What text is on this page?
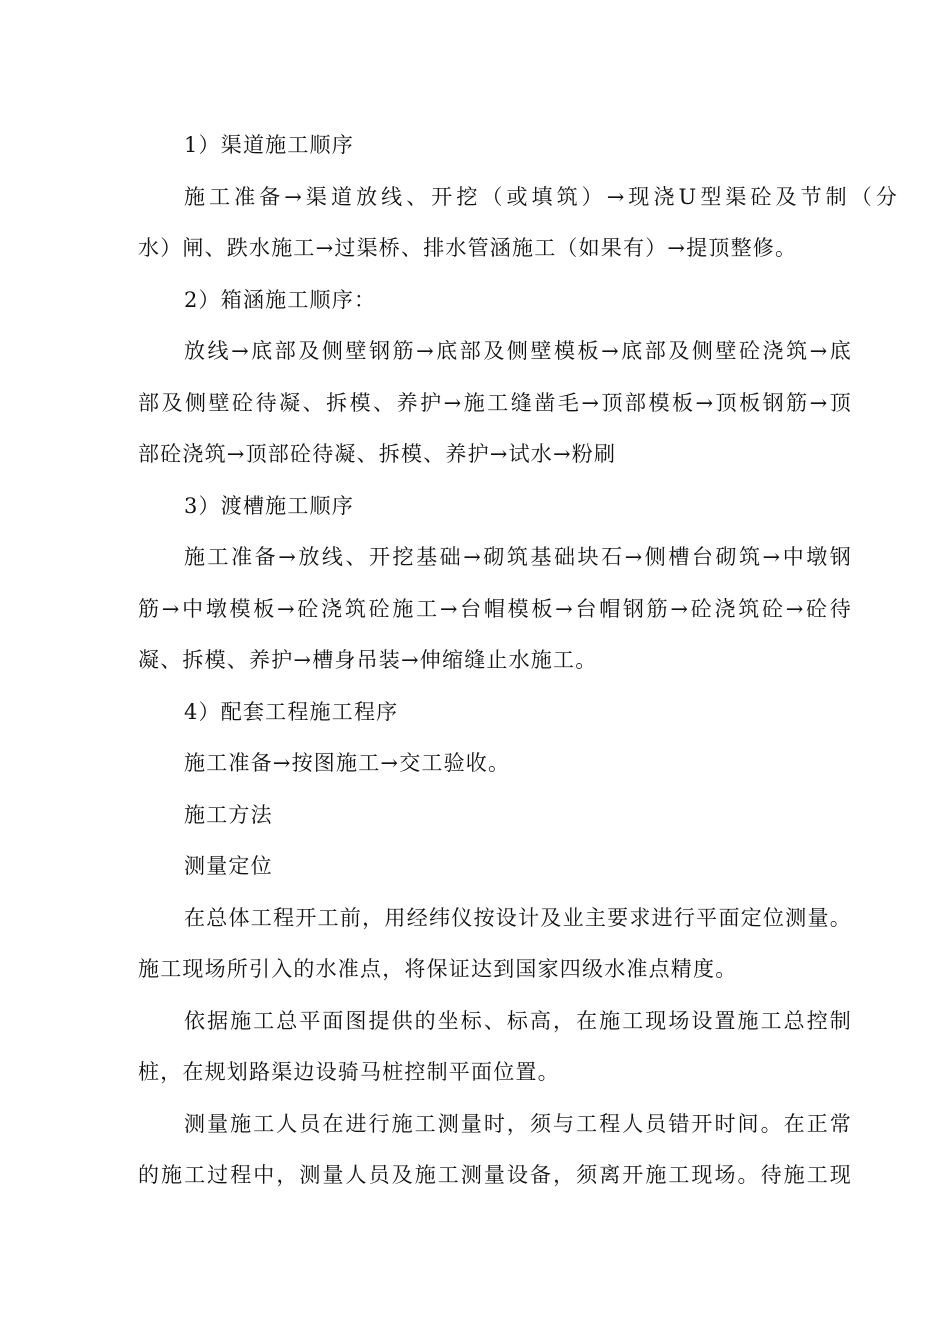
1）渠道施工顺序
施工准备→渠道放线、开挖（或填筑）→现浇U型渠砼及节制（分
水）闸、跌水施工→过渠桥、排水管涵施工（如果有）→提顶整修。
2）箱涵施工顺序：
放线→底部及侧壁钢筋→底部及侧壁模板→底部及侧壁砼浇筑→底
部及侧壁砼待凝、拆模、养护→施工缝凿毛→顶部模板→顶板钢筋→顶
部砼浇筑→顶部砼待凝、拆模、养护→试水→粉刷
3）渡槽施工顺序
施工准备→放线、开挖基础→砌筑基础块石→侧槽台砌筑→中墩钢
筋→中墩模板→砼浇筑砼施工→台帽模板→台帽钢筋→砼浇筑砼→砼待
凝、拆模、养护→槽身吊装→伸缩缝止水施工。
4）配套工程施工程序
施工准备→按图施工→交工验收。
施工方法
测量定位
在总体工程开工前，用经纬仪按设计及业主要求进行平面定位测量。
施工现场所引入的水准点，将保证达到国家四级水准点精度。
依据施工总平面图提供的坐标、标高，在施工现场设置施工总控制
桩，在规划路渠边设骑马桩控制平面位置。
测量施工人员在进行施工测量时，须与工程人员错开时间。在正常
的施工过程中，测量人员及施工测量设备，须离开施工现场。待施工现
